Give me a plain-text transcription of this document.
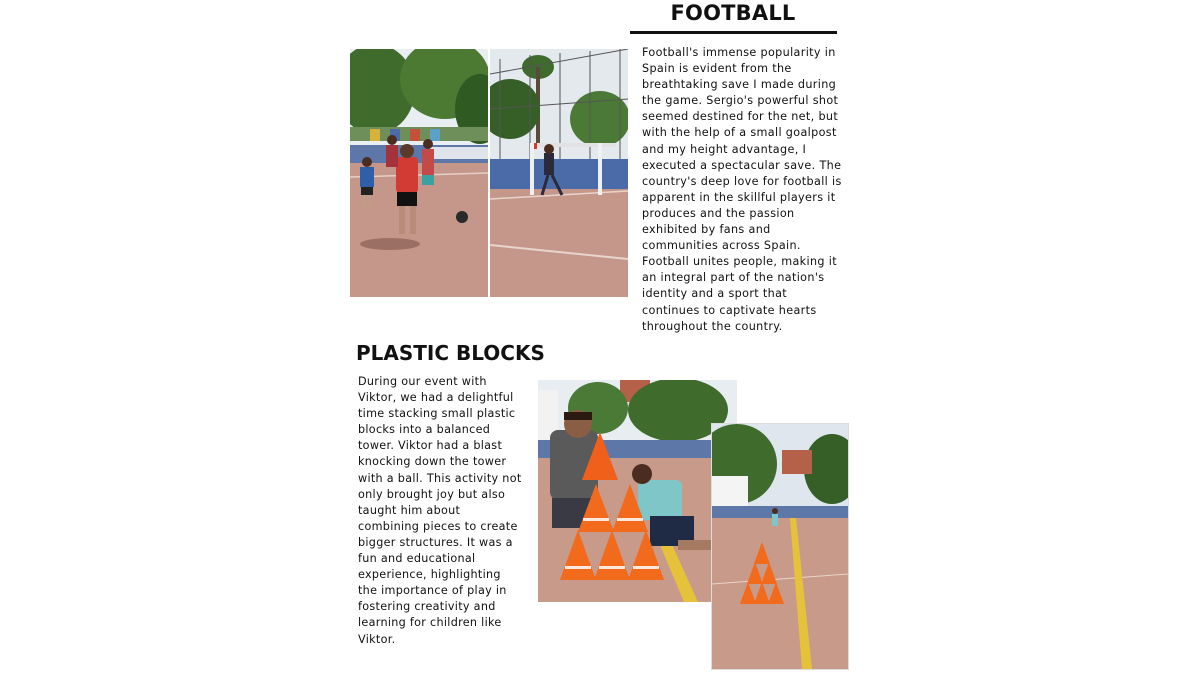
FOOTBALL

Football's immense popularity in Spain is evident from the breathtaking save I made during the game. Sergio's powerful shot seemed destined for the net, but with the help of a small goalpost and my height advantage, I executed a spectacular save. The country's deep love for football is apparent in the skillful players it produces and the passion exhibited by fans and communities across Spain. Football unites people, making it an integral part of the nation's identity and a sport that continues to captivate hearts throughout the country.

PLASTIC BLOCKS

During our event with Viktor, we had a delightful time stacking small plastic blocks into a balanced tower. Viktor had a blast knocking down the tower with a ball. This activity not only brought joy but also taught him about combining pieces to create bigger structures. It was a fun and educational experience, highlighting the importance of play in fostering creativity and learning for children like Viktor.
